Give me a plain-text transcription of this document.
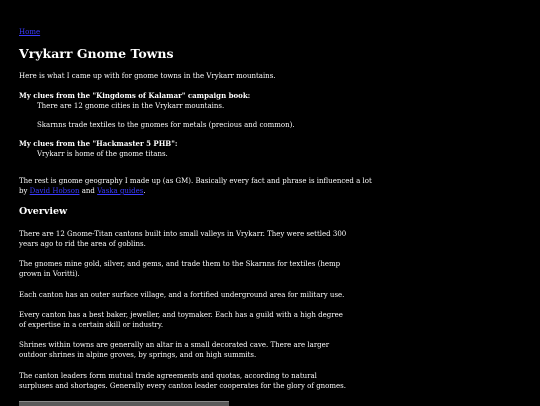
Home
Vrykarr Gnome Towns
Here is what I came up with for gnome towns in the Vrykarr mountains.
My clues from the "Kingdoms of Kalamar" campaign book:
There are 12 gnome cities in the Vrykarr mountains.
Skarnns trade textiles to the gnomes for metals (precious and common).
My clues from the "Hackmaster 5 PHB":
Vrykarr is home of the gnome titans.
The rest is gnome geography I made up (as GM). Basically every fact and phrase is influenced a lot
by David Hobson and Vaska guides.
Overview
There are 12 Gnome-Titan cantons built into small valleys in Vrykarr. They were settled 300 years ago to rid the area of goblins.
The gnomes mine gold, silver, and gems, and trade them to the Skarnns for textiles (hemp grown in Voritti).
Each canton has an outer surface village, and a fortified underground area for military use.
Every canton has a best baker, jeweller, and toymaker. Each has a guild with a high degree of expertise in a certain skill or industry.
Shrines within towns are generally an altar in a small decorated cave. There are larger outdoor shrines in alpine groves, by springs, and on high summits.
The canton leaders form mutual trade agreements and quotas, according to natural surpluses and shortages. Generally every canton leader cooperates for the glory of gnomes.
